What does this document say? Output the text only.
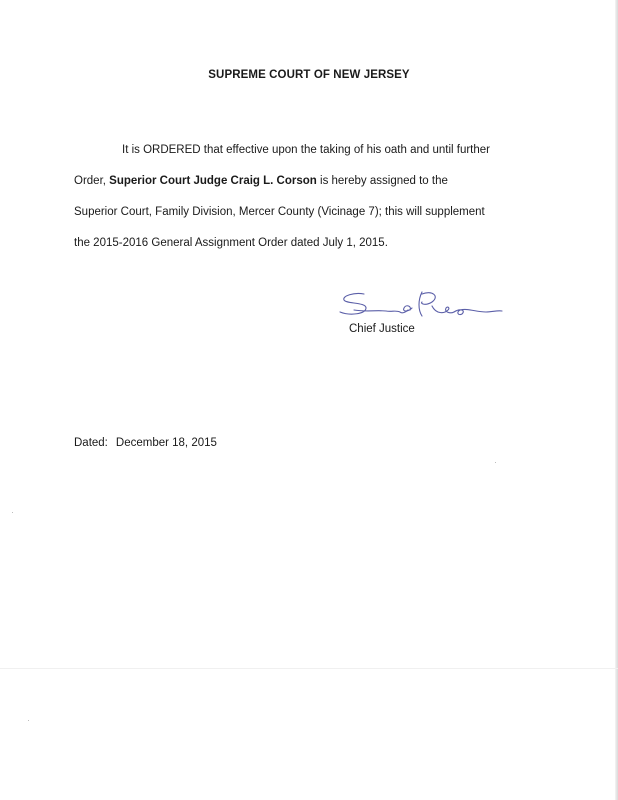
SUPREME COURT OF NEW JERSEY
It is ORDERED that effective upon the taking of his oath and until further
Order, Superior Court Judge Craig L. Corson is hereby assigned to the
Superior Court, Family Division, Mercer County (Vicinage 7); this will supplement
the 2015-2016 General Assignment Order dated July 1, 2015.
Chief Justice
Dated: December 18, 2015
